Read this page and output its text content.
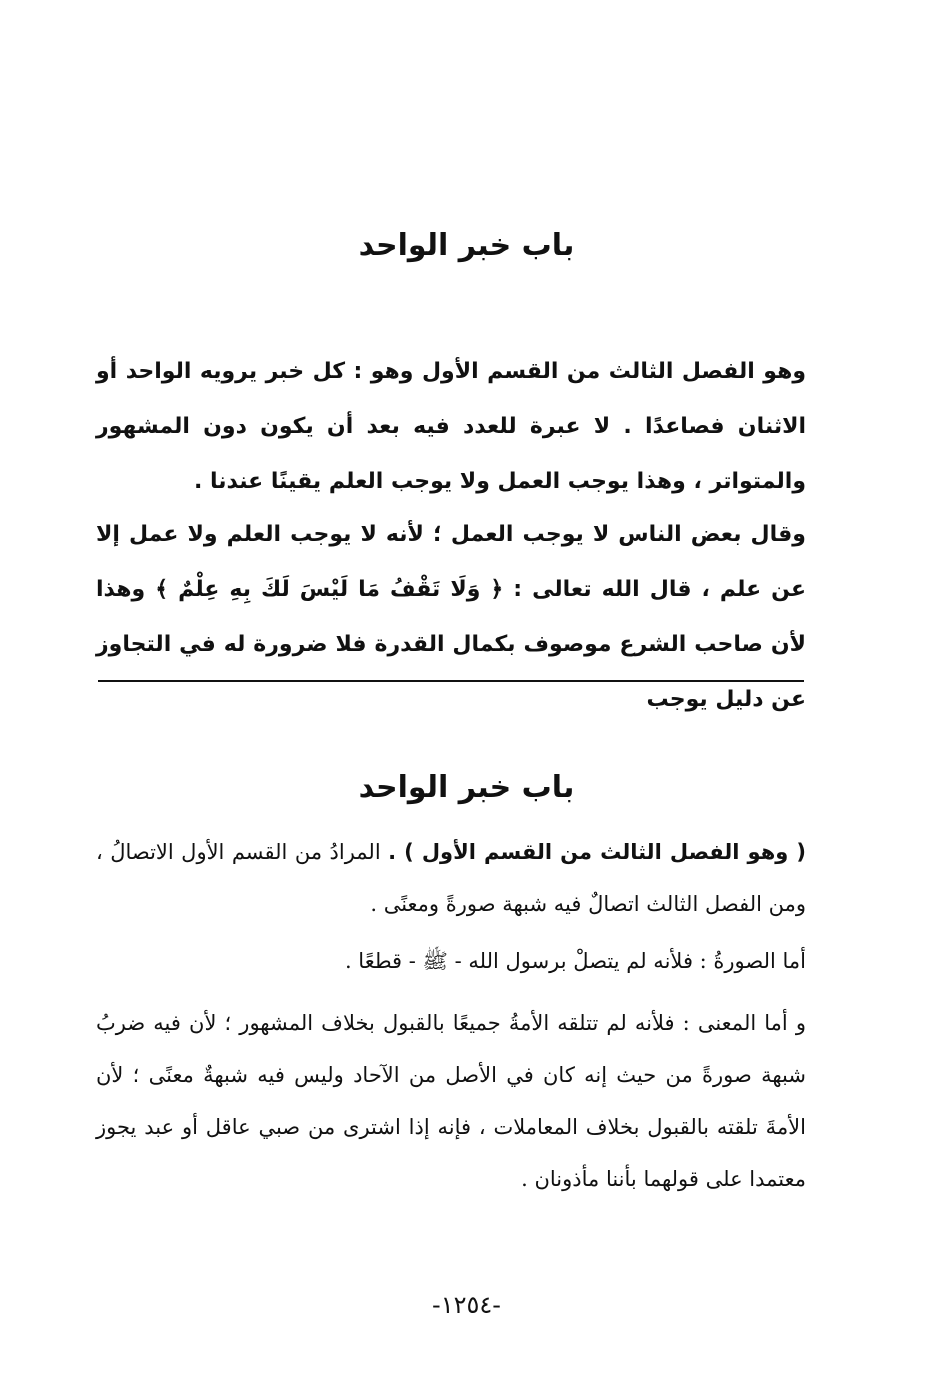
باب خبر الواحد
وهو الفصل الثالث من القسم الأول وهو : كل خبر يرويه الواحد أو الاثنان فصاعدًا . لا عبرة للعدد فيه بعد أن يكون دون المشهور والمتواتر ، وهذا يوجب العمل ولا يوجب العلم يقينًا عندنا .
وقال بعض الناس لا يوجب العمل ؛ لأنه لا يوجب العلم ولا عمل إلا عن علم ، قال الله تعالى : ﴿ وَلَا تَقْفُ مَا لَيْسَ لَكَ بِهِ عِلْمٌ ﴾ وهذا لأن صاحب الشرع موصوف بكمال القدرة فلا ضرورة له في التجاوز عن دليل يوجب
باب خبر الواحد
( وهو الفصل الثالث من القسم الأول ) . المرادُ من القسم الأول الاتصالُ ، ومن الفصل الثالث اتصالٌ فيه شبهة صورةً ومعنًى .
أما الصورةُ : فلأنه لم يتصلْ برسول الله - ﷺ - قطعًا .
و أما المعنى : فلأنه لم تتلقه الأمةُ جميعًا بالقبول بخلاف المشهور ؛ لأن فيه ضربُ شبهة صورةً من حيث إنه كان في الأصل من الآحاد وليس فيه شبهةٌ معنًى ؛ لأن الأمةَ تلقته بالقبول بخلاف المعاملات ، فإنه إذا اشترى من صبي عاقل أو عبد يجوز معتمدا على قولهما بأننا مأذونان .
-١٢٥٤-
